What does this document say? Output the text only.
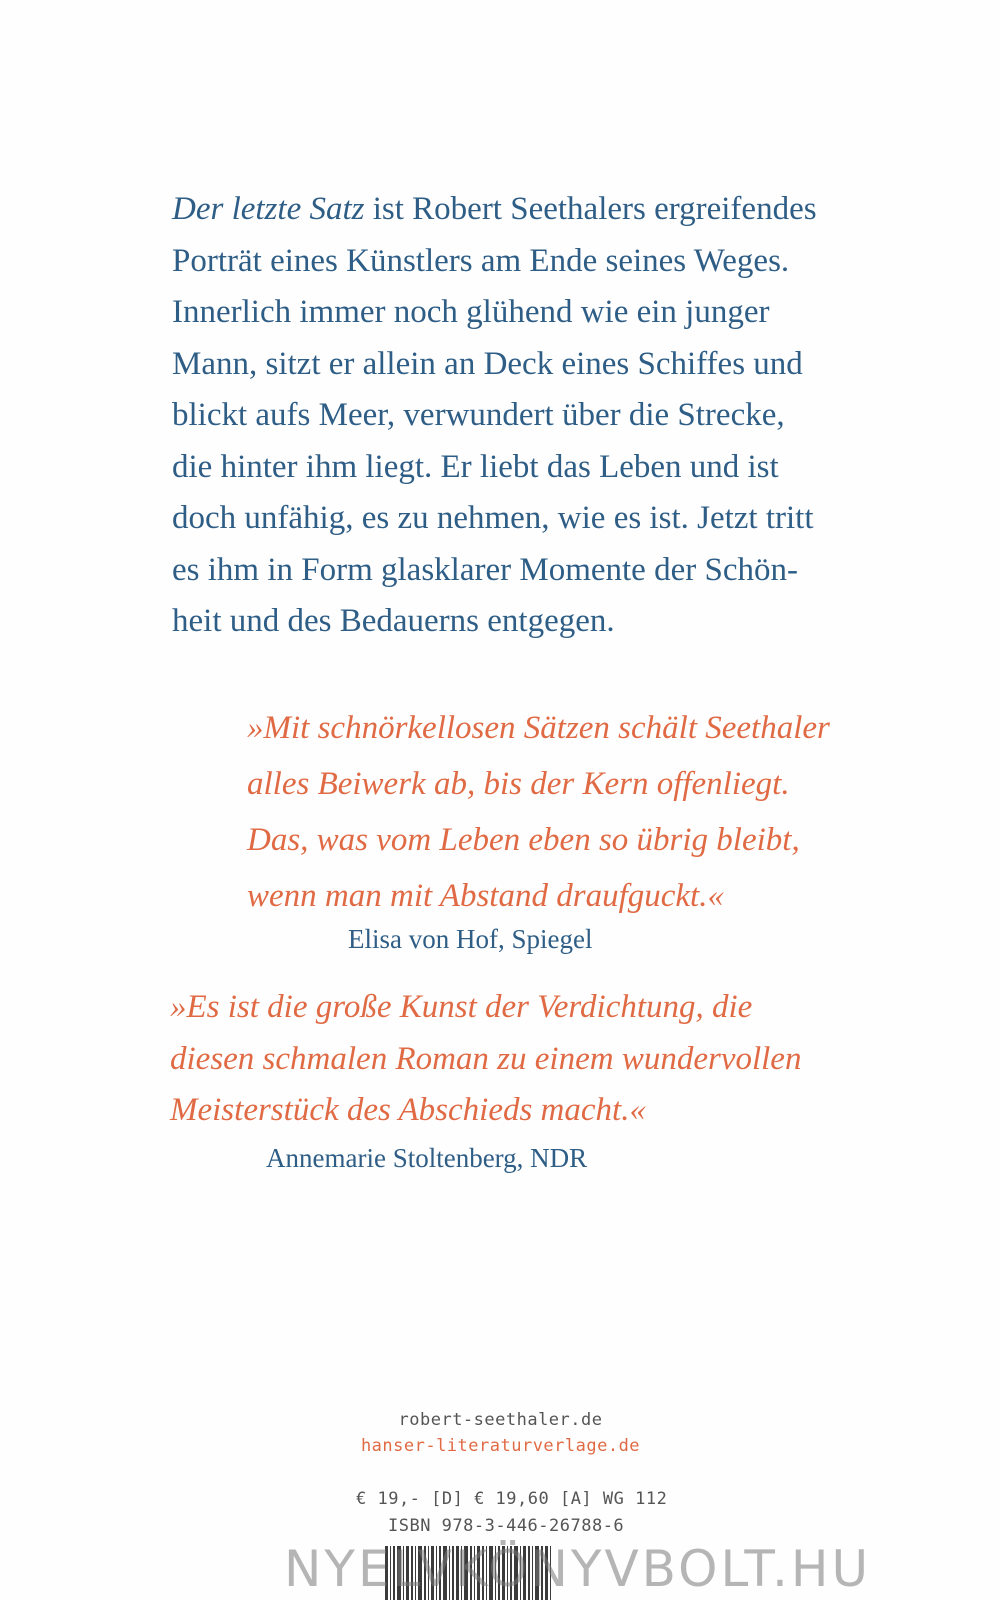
Der letzte Satz ist Robert Seethalers ergreifendes
Porträt eines Künstlers am Ende seines Weges.
Innerlich immer noch glühend wie ein junger
Mann, sitzt er allein an Deck eines Schiffes und
blickt aufs Meer, verwundert über die Strecke,
die hinter ihm liegt. Er liebt das Leben und ist
doch unfähig, es zu nehmen, wie es ist. Jetzt tritt
es ihm in Form glasklarer Momente der Schön-
heit und des Bedauerns entgegen.
»Mit schnörkellosen Sätzen schält Seethaler
alles Beiwerk ab, bis der Kern offenliegt.
Das, was vom Leben eben so übrig bleibt,
wenn man mit Abstand draufguckt.«
Elisa von Hof, Spiegel
»Es ist die große Kunst der Verdichtung, die
diesen schmalen Roman zu einem wundervollen
Meisterstück des Abschieds macht.«
Annemarie Stoltenberg, NDR
robert-seethaler.de
hanser-literaturverlage.de
€ 19,- [D] € 19,60 [A] WG 112
ISBN 978-3-446-26788-6
NYELVKÖNYVBOLT.HU
